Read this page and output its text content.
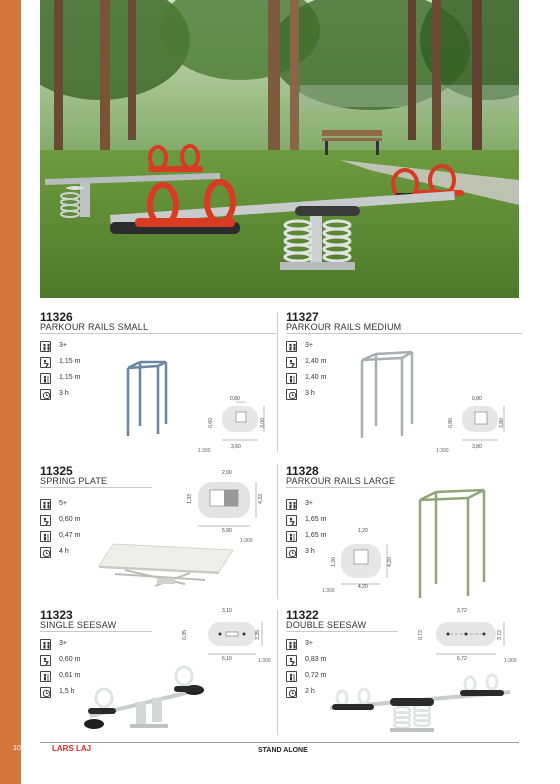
11326
PARKOUR RAILS SMALL
3+
1,15 m
1,15 m
3 h
0,80
0,60
3,60
3,00
1:300
11327
PARKOUR RAILS MEDIUM
3+
1,40 m
1,40 m
3 h
0,80
0,80
3,80
3,80
1:300
11325
SPRING PLATE
5+
0,60 m
0,47 m
4 h
2,00
1,33
5,90
4,33
1:300
11328
PARKOUR RAILS LARGE
3+
1,65 m
1,65 m
3 h
1,20
1,20
4,20
4,20
1:300
11323
SINGLE SEESAW
3+
0,60 m
0,61 m
1,5 h
3,10
0,35
6,10
3,35
1:300
11322
DOUBLE SEESAW
3+
0,83 m
0,72 m
2 h
3,72
0,72
6,72
3,72
1:300
102	LARS LAJ	STAND ALONE
